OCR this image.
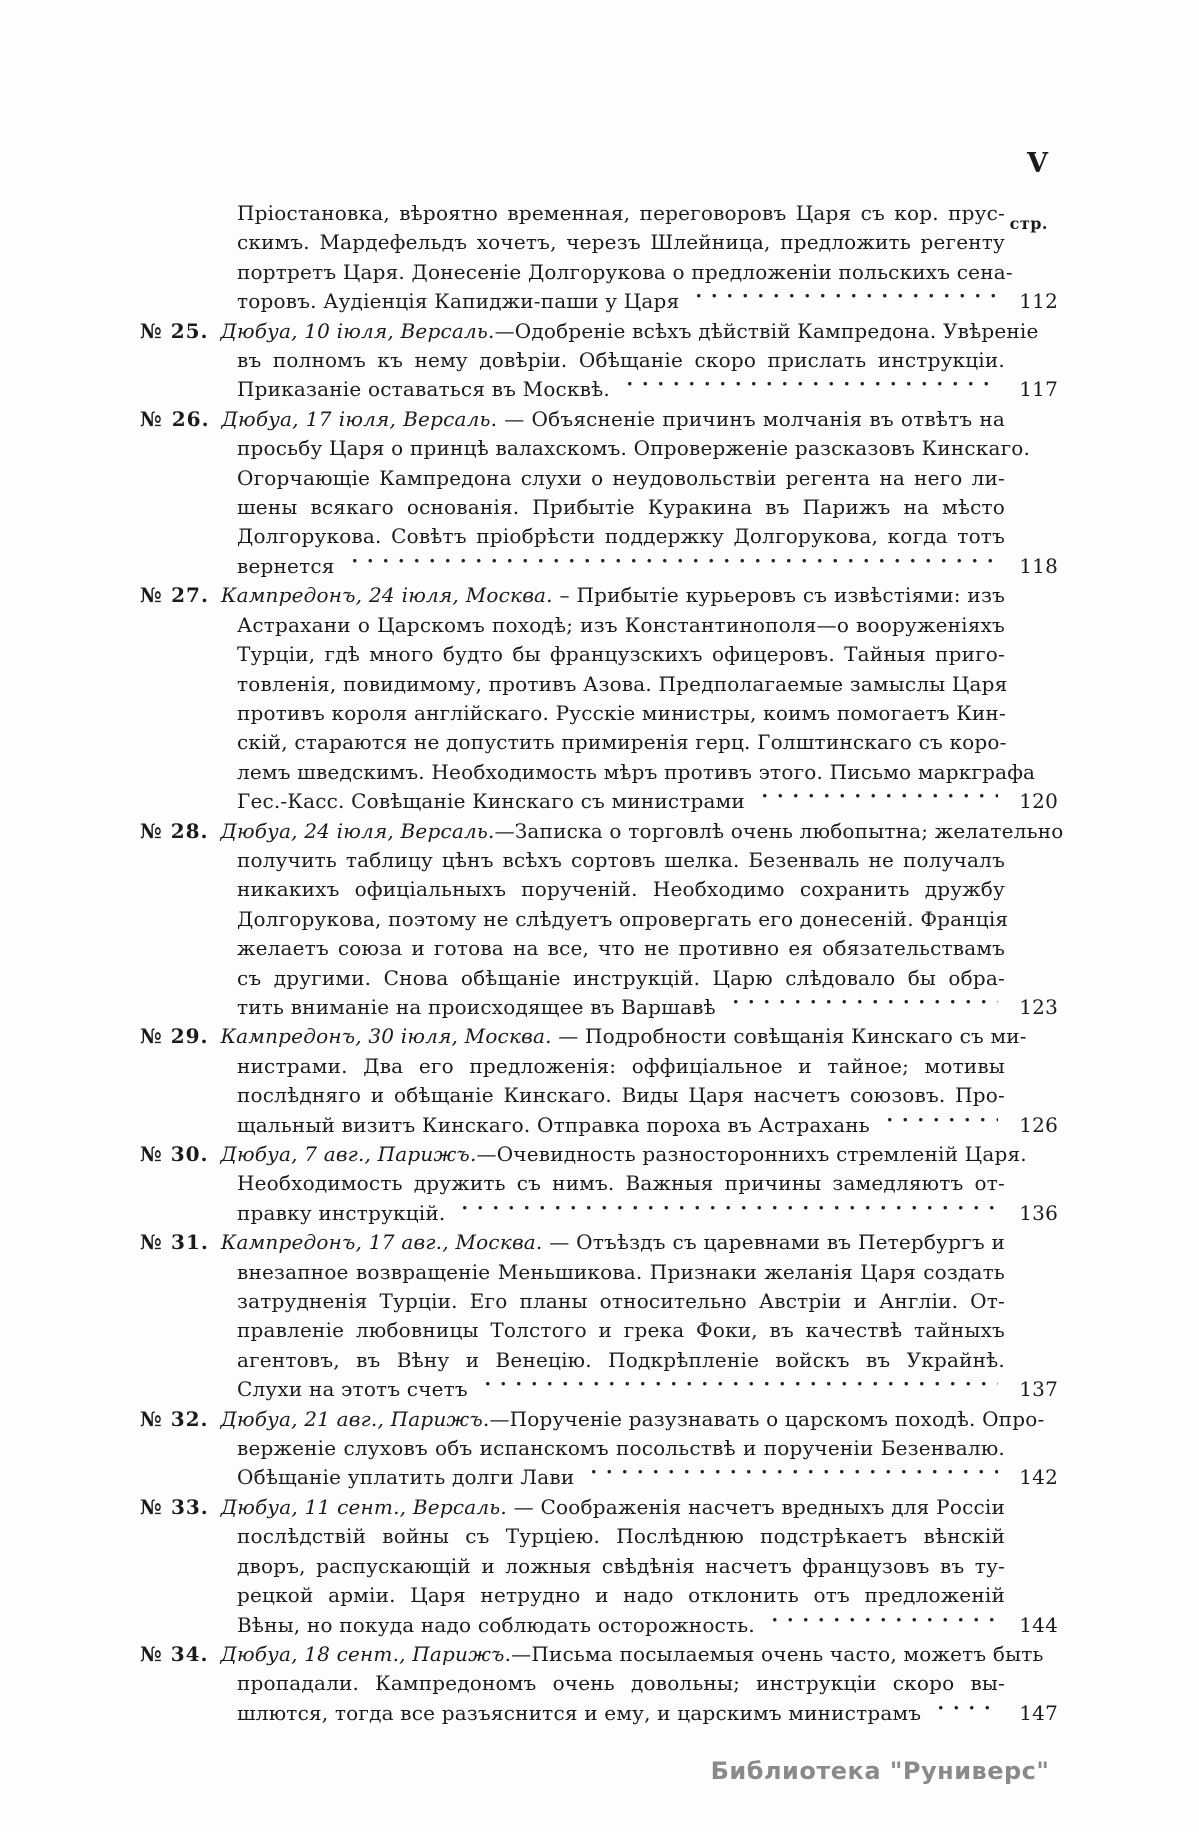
V
стр.
Пріостановка, вѣроятно временная, переговоровъ Царя съ кор. прус-
скимъ. Мардефельдъ хочетъ, черезъ Шлейница, предложить регенту
портретъ Царя. Донесеніе Долгорукова о предложеніи польскихъ сена-
торовъ. Аудіенція Капиджи-паши у Царя	112
№ 25. Дюбуа, 10 іюля, Версаль.—Одобреніе всѣхъ дѣйствій Кампредона. Увѣреніе
въ полномъ къ нему довѣріи. Обѣщаніе скоро прислать инструкціи.
Приказаніе оставаться въ Москвѣ.	117
№ 26. Дюбуа, 17 іюля, Версаль. — Объясненіе причинъ молчанія въ отвѣтъ на
просьбу Царя о принцѣ валахскомъ. Опроверженіе разсказовъ Кинскаго.
Огорчающіе Кампредона слухи о неудовольствіи регента на него ли-
шены всякаго основанія. Прибытіе Куракина въ Парижъ на мѣсто
Долгорукова. Совѣтъ пріобрѣсти поддержку Долгорукова, когда тотъ
вернется	118
№ 27. Кампредонъ, 24 іюля, Москва. – Прибытіе курьеровъ съ извѣстіями: изъ
Астрахани о Царскомъ походѣ; изъ Константинополя—о вооруженіяхъ
Турціи, гдѣ много будто бы французскихъ офицеровъ. Тайныя приго-
товленія, повидимому, противъ Азова. Предполагаемые замыслы Царя
противъ короля англійскаго. Русскіе министры, коимъ помогаетъ Кин-
скій, стараются не допустить примиренія герц. Голштинскаго съ коро-
лемъ шведскимъ. Необходимость мѣръ противъ этого. Письмо маркграфа
Гес.-Касс. Совѣщаніе Кинскаго съ министрами	120
№ 28. Дюбуа, 24 іюля, Версаль.—Записка о торговлѣ очень любопытна; желательно
получить таблицу цѣнъ всѣхъ сортовъ шелка. Безенваль не получалъ
никакихъ офиціальныхъ порученій. Необходимо сохранить дружбу
Долгорукова, поэтому не слѣдуетъ опровергать его донесеній. Франція
желаетъ союза и готова на все, что не противно ея обязательствамъ
съ другими. Снова обѣщаніе инструкцій. Царю слѣдовало бы обра-
тить вниманіе на происходящее въ Варшавѣ	123
№ 29. Кампредонъ, 30 іюля, Москва. — Подробности совѣщанія Кинскаго съ ми-
нистрами. Два его предложенія: оффиціальное и тайное; мотивы
послѣдняго и обѣщаніе Кинскаго. Виды Царя насчетъ союзовъ. Про-
щальный визитъ Кинскаго. Отправка пороха въ Астрахань	126
№ 30. Дюбуа, 7 авг., Парижъ.—Очевидность разностороннихъ стремленій Царя.
Необходимость дружить съ нимъ. Важныя причины замедляютъ от-
правку инструкцій.	136
№ 31. Кампредонъ, 17 авг., Москва. — Отъѣздъ съ царевнами въ Петербургъ и
внезапное возвращеніе Меньшикова. Признаки желанія Царя создать
затрудненія Турціи. Его планы относительно Австріи и Англіи. От-
правленіе любовницы Толстого и грека Фоки, въ качествѣ тайныхъ
агентовъ, въ Вѣну и Венецію. Подкрѣпленіе войскъ въ Украйнѣ.
Слухи на этотъ счетъ	137
№ 32. Дюбуа, 21 авг., Парижъ.—Порученіе разузнавать о царскомъ походѣ. Опро-
верженіе слуховъ объ испанскомъ посольствѣ и порученіи Безенвалю.
Обѣщаніе уплатить долги Лави	142
№ 33. Дюбуа, 11 сент., Версаль. — Соображенія насчетъ вредныхъ для Россіи
послѣдствій войны съ Турціею. Послѣднюю подстрѣкаетъ вѣнскій
дворъ, распускающій и ложныя свѣдѣнія насчетъ французовъ въ ту-
рецкой арміи. Царя нетрудно и надо отклонить отъ предложеній
Вѣны, но покуда надо соблюдать осторожность.	144
№ 34. Дюбуа, 18 сент., Парижъ.—Письма посылаемыя очень часто, можетъ быть
пропадали. Кампредономъ очень довольны; инструкціи скоро вы-
шлются, тогда все разъяснится и ему, и царскимъ министрамъ	147
Библиотека "Руниверс"
